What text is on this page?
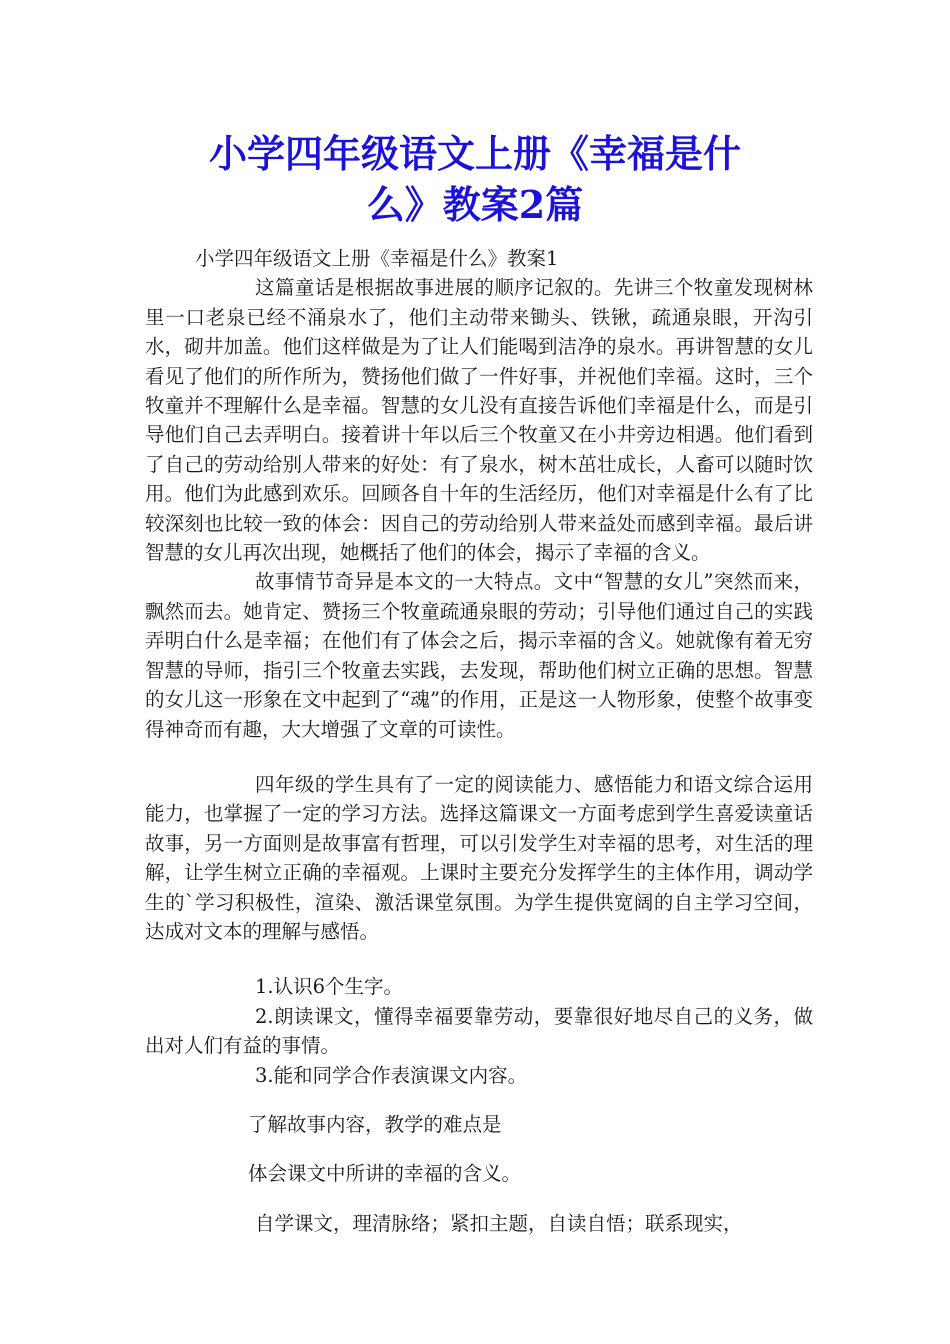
小学四年级语文上册《幸福是什
么》教案2篇

小学四年级语文上册《幸福是什么》教案1

这篇童话是根据故事进展的顺序记叙的。先讲三个牧童发现树林里一口老泉已经不涌泉水了，他们主动带来锄头、铁锹，疏通泉眼，开沟引水，砌井加盖。他们这样做是为了让人们能喝到洁净的泉水。再讲智慧的女儿看见了他们的所作所为，赞扬他们做了一件好事，并祝他们幸福。这时，三个牧童并不理解什么是幸福。智慧的女儿没有直接告诉他们幸福是什么，而是引导他们自己去弄明白。接着讲十年以后三个牧童又在小井旁边相遇。他们看到了自己的劳动给别人带来的好处：有了泉水，树木茁壮成长，人畜可以随时饮用。他们为此感到欢乐。回顾各自十年的生活经历，他们对幸福是什么有了比较深刻也比较一致的体会：因自己的劳动给别人带来益处而感到幸福。最后讲智慧的女儿再次出现，她概括了他们的体会，揭示了幸福的含义。

故事情节奇异是本文的一大特点。文中“智慧的女儿”突然而来，飘然而去。她肯定、赞扬三个牧童疏通泉眼的劳动；引导他们通过自己的实践弄明白什么是幸福；在他们有了体会之后，揭示幸福的含义。她就像有着无穷智慧的导师，指引三个牧童去实践，去发现，帮助他们树立正确的思想。智慧的女儿这一形象在文中起到了“魂”的作用，正是这一人物形象，使整个故事变得神奇而有趣，大大增强了文章的可读性。

四年级的学生具有了一定的阅读能力、感悟能力和语文综合运用能力，也掌握了一定的学习方法。选择这篇课文一方面考虑到学生喜爱读童话故事，另一方面则是故事富有哲理，可以引发学生对幸福的思考，对生活的理解，让学生树立正确的幸福观。上课时主要充分发挥学生的主体作用，调动学生的`学习积极性，渲染、激活课堂氛围。为学生提供宽阔的自主学习空间，达成对文本的理解与感悟。

1.认识6个生字。

2.朗读课文，懂得幸福要靠劳动，要靠很好地尽自己的义务，做出对人们有益的事情。

3.能和同学合作表演课文内容。

了解故事内容，教学的难点是

体会课文中所讲的幸福的含义。

自学课文，理清脉络；紧扣主题，自读自悟；联系现实，
